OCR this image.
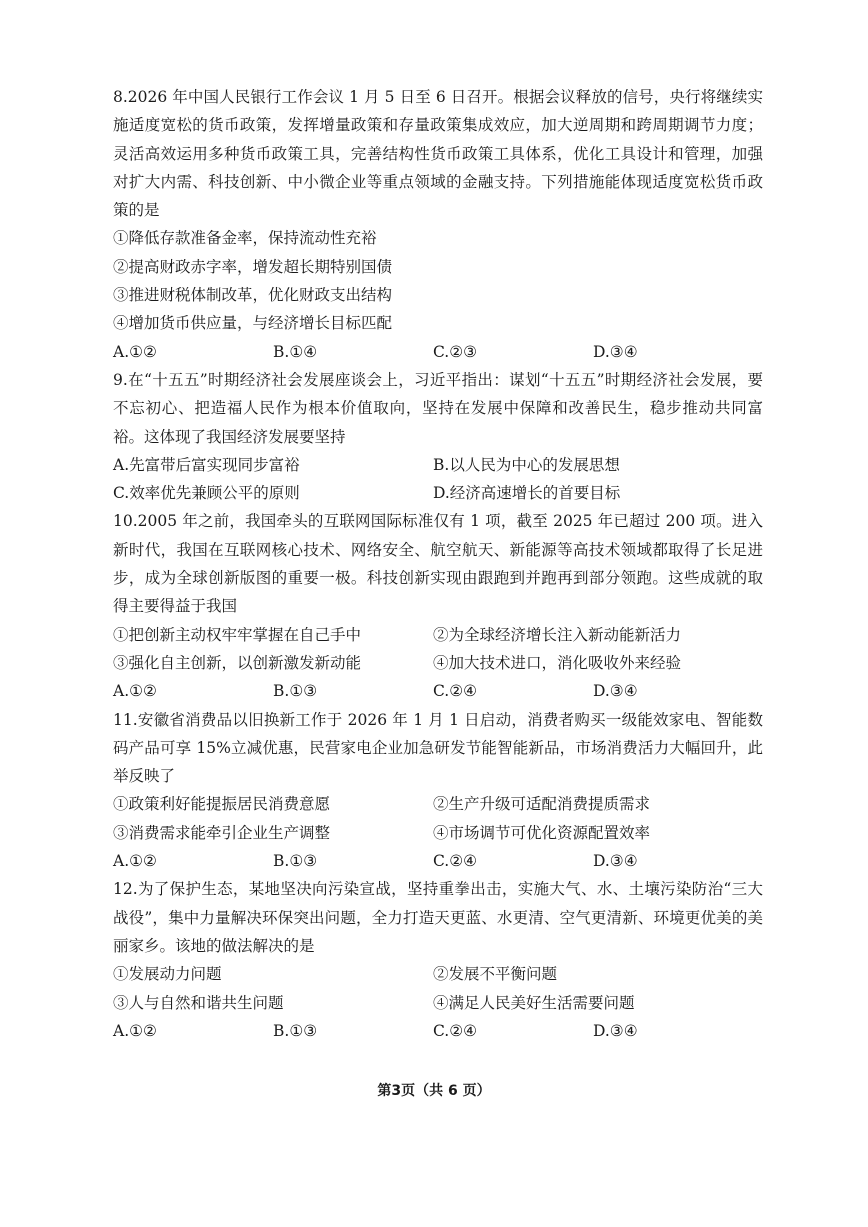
8.2026 年中国人民银行工作会议 1 月 5 日至 6 日召开。根据会议释放的信号，央行将继续实施适度宽松的货币政策，发挥增量政策和存量政策集成效应，加大逆周期和跨周期调节力度；灵活高效运用多种货币政策工具，完善结构性货币政策工具体系，优化工具设计和管理，加强对扩大内需、科技创新、中小微企业等重点领域的金融支持。下列措施能体现适度宽松货币政策的是

①降低存款准备金率，保持流动性充裕

②提高财政赤字率，增发超长期特别国债

③推进财税体制改革，优化财政支出结构

④增加货币供应量，与经济增长目标匹配

A.①②	B.①④	C.②③	D.③④

9.在“十五五”时期经济社会发展座谈会上，习近平指出：谋划“十五五”时期经济社会发展，要不忘初心、把造福人民作为根本价值取向，坚持在发展中保障和改善民生，稳步推动共同富裕。这体现了我国经济发展要坚持

A.先富带后富实现同步富裕	B.以人民为中心的发展思想
C.效率优先兼顾公平的原则	D.经济高速增长的首要目标

10.2005 年之前，我国牵头的互联网国际标准仅有 1 项，截至 2025 年已超过 200 项。进入新时代，我国在互联网核心技术、网络安全、航空航天、新能源等高技术领域都取得了长足进步，成为全球创新版图的重要一极。科技创新实现由跟跑到并跑再到部分领跑。这些成就的取得主要得益于我国

①把创新主动权牢牢掌握在自己手中	②为全球经济增长注入新动能新活力
③强化自主创新，以创新激发新动能	④加大技术进口，消化吸收外来经验
A.①②	B.①③	C.②④	D.③④

11.安徽省消费品以旧换新工作于 2026 年 1 月 1 日启动，消费者购买一级能效家电、智能数码产品可享 15%立减优惠，民营家电企业加急研发节能智能新品，市场消费活力大幅回升，此举反映了

①政策利好能提振居民消费意愿	②生产升级可适配消费提质需求
③消费需求能牵引企业生产调整	④市场调节可优化资源配置效率
A.①②	B.①③	C.②④	D.③④

12.为了保护生态，某地坚决向污染宣战，坚持重拳出击，实施大气、水、土壤污染防治“三大战役”，集中力量解决环保突出问题，全力打造天更蓝、水更清、空气更清新、环境更优美的美丽家乡。该地的做法解决的是

①发展动力问题	②发展不平衡问题
③人与自然和谐共生问题	④满足人民美好生活需要问题
A.①②	B.①③	C.②④	D.③④
第3页（共 6 页）
